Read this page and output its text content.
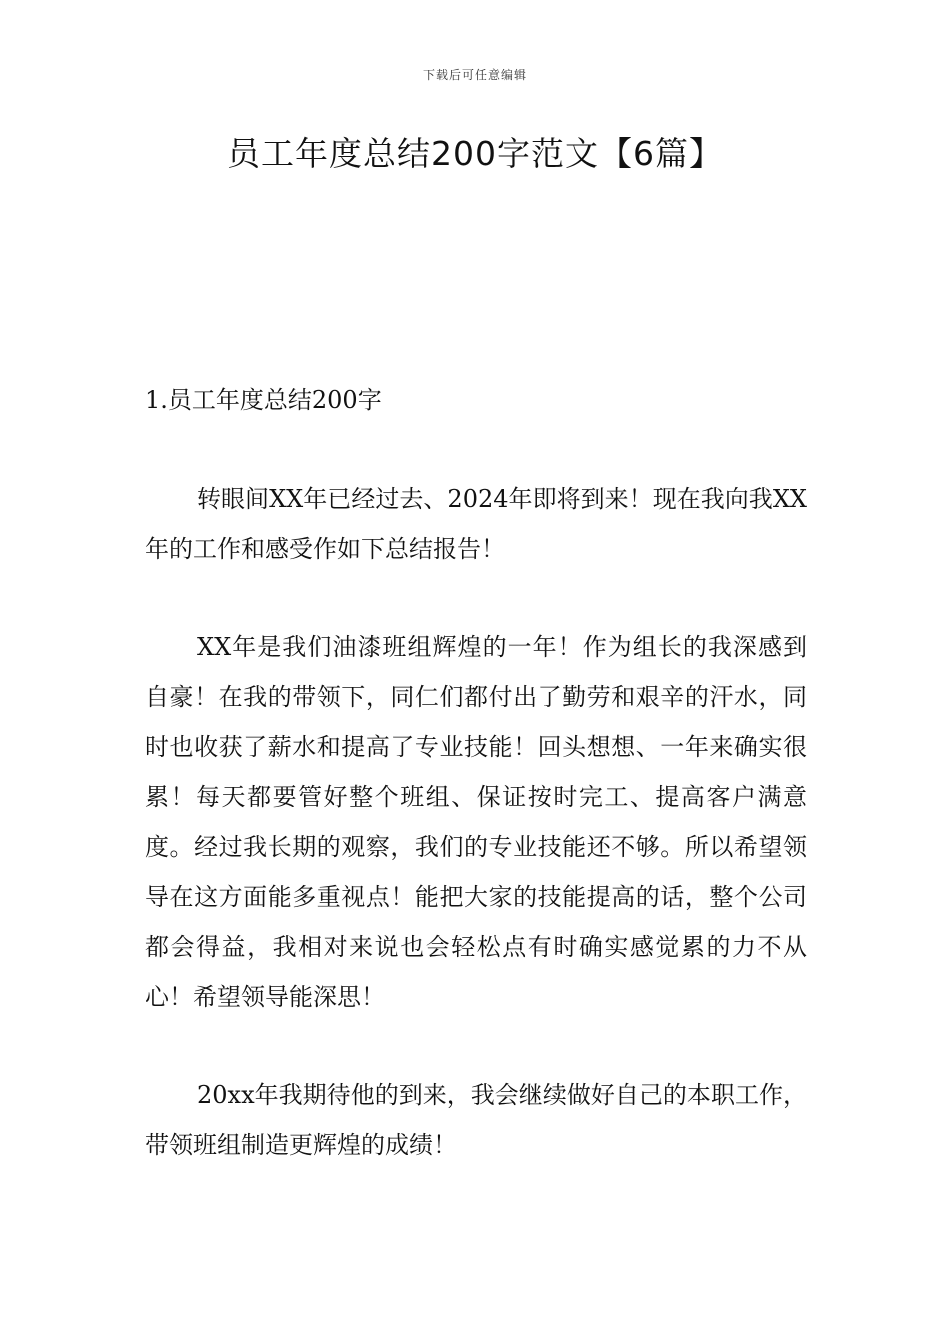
下载后可任意编辑
员工年度总结200字范文【6篇】
1.员工年度总结200字

转眼间XX年已经过去、2024年即将到来！现在我向我XX年的工作和感受作如下总结报告！

XX年是我们油漆班组辉煌的一年！作为组长的我深感到自豪！在我的带领下，同仁们都付出了勤劳和艰辛的汗水，同时也收获了薪水和提高了专业技能！回头想想、一年来确实很累！每天都要管好整个班组、保证按时完工、提高客户满意度。经过我长期的观察，我们的专业技能还不够。所以希望领导在这方面能多重视点！能把大家的技能提高的话，整个公司都会得益，我相对来说也会轻松点有时确实感觉累的力不从心！希望领导能深思！

20xx年我期待他的到来，我会继续做好自己的本职工作，带领班组制造更辉煌的成绩！
